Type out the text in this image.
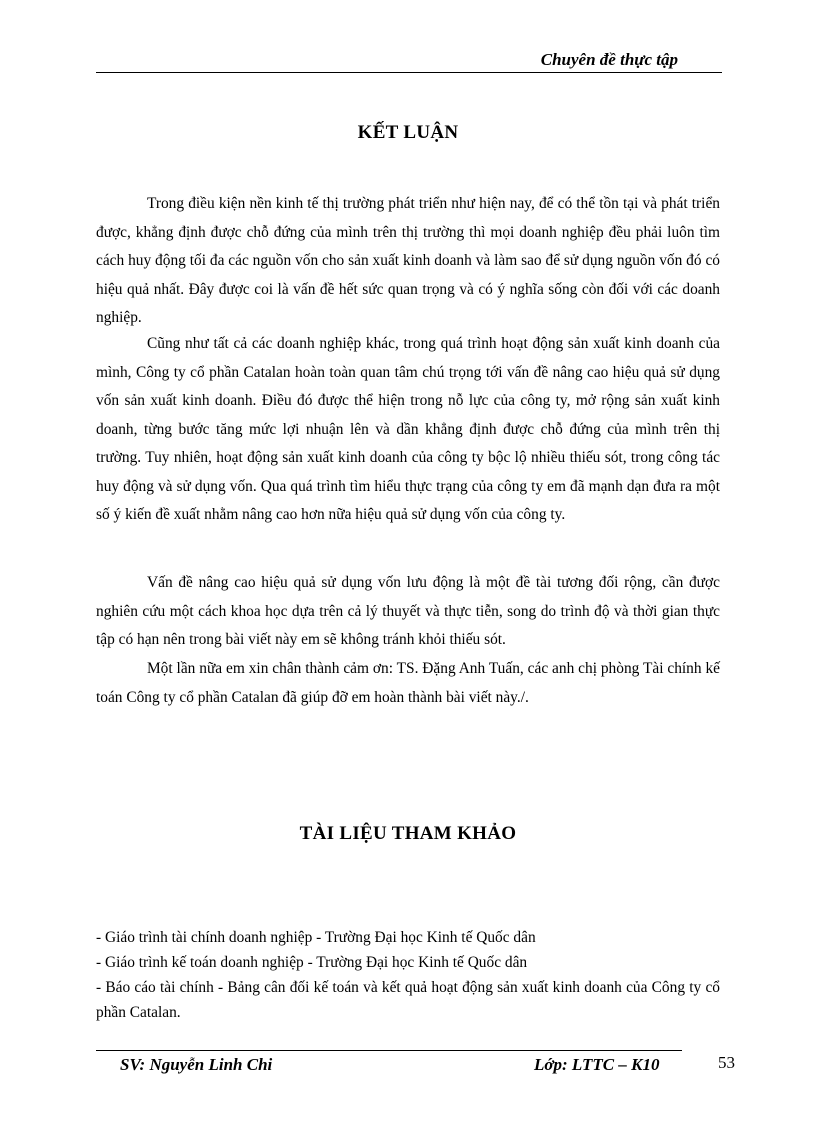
Chuyên đề thực tập
KẾT LUẬN
Trong điều kiện nền kinh tế thị trường phát triển như hiện nay, để có thể tồn tại và phát triển được, khẳng định được chỗ đứng của mình trên thị trường thì mọi doanh nghiệp đều phải luôn tìm cách huy động tối đa các nguồn vốn cho sản xuất kinh doanh và làm sao để sử dụng nguồn vốn đó có hiệu quả nhất. Đây được coi là vấn đề hết sức quan trọng và có ý nghĩa sống còn đối với các doanh nghiệp.
Cũng như tất cả các doanh nghiệp khác, trong quá trình hoạt động sản xuất kinh doanh của mình, Công ty cổ phần Catalan hoàn toàn quan tâm chú trọng tới vấn đề nâng cao hiệu quả sử dụng vốn sản xuất kinh doanh. Điều đó được thể hiện trong nỗ lực của công ty, mở rộng sản xuất kinh doanh, từng bước tăng mức lợi nhuận lên và dần khẳng định được chỗ đứng của mình trên thị trường. Tuy nhiên, hoạt động sản xuất kinh doanh của công ty bộc lộ nhiều thiếu sót, trong công tác huy động và sử dụng vốn. Qua quá trình tìm hiểu thực trạng của công ty em đã mạnh dạn đưa ra một số ý kiến đề xuất nhằm nâng cao hơn nữa hiệu quả sử dụng vốn của công ty.
Vấn đề nâng cao hiệu quả sử dụng vốn lưu động là một đề tài tương đối rộng, cần được nghiên cứu một cách khoa học dựa trên cả lý thuyết và thực tiễn, song do trình độ và thời gian thực tập có hạn nên trong bài viết này em sẽ không tránh khỏi thiếu sót.
Một lần nữa em xin chân thành cảm ơn: TS. Đặng Anh Tuấn, các anh chị phòng Tài chính kế toán Công ty cổ phần Catalan đã giúp đỡ em hoàn thành bài viết này./.
TÀI LIỆU THAM KHẢO
- Giáo trình tài chính doanh nghiệp - Trường Đại học Kinh tế Quốc dân
- Giáo trình kế toán doanh nghiệp - Trường Đại học Kinh tế Quốc dân
- Báo cáo tài chính - Bảng cân đối kế toán và kết quả hoạt động sản xuất kinh doanh của Công ty cổ phần Catalan.
SV: Nguyễn Linh Chi	Lớp: LTTC – K10	53
